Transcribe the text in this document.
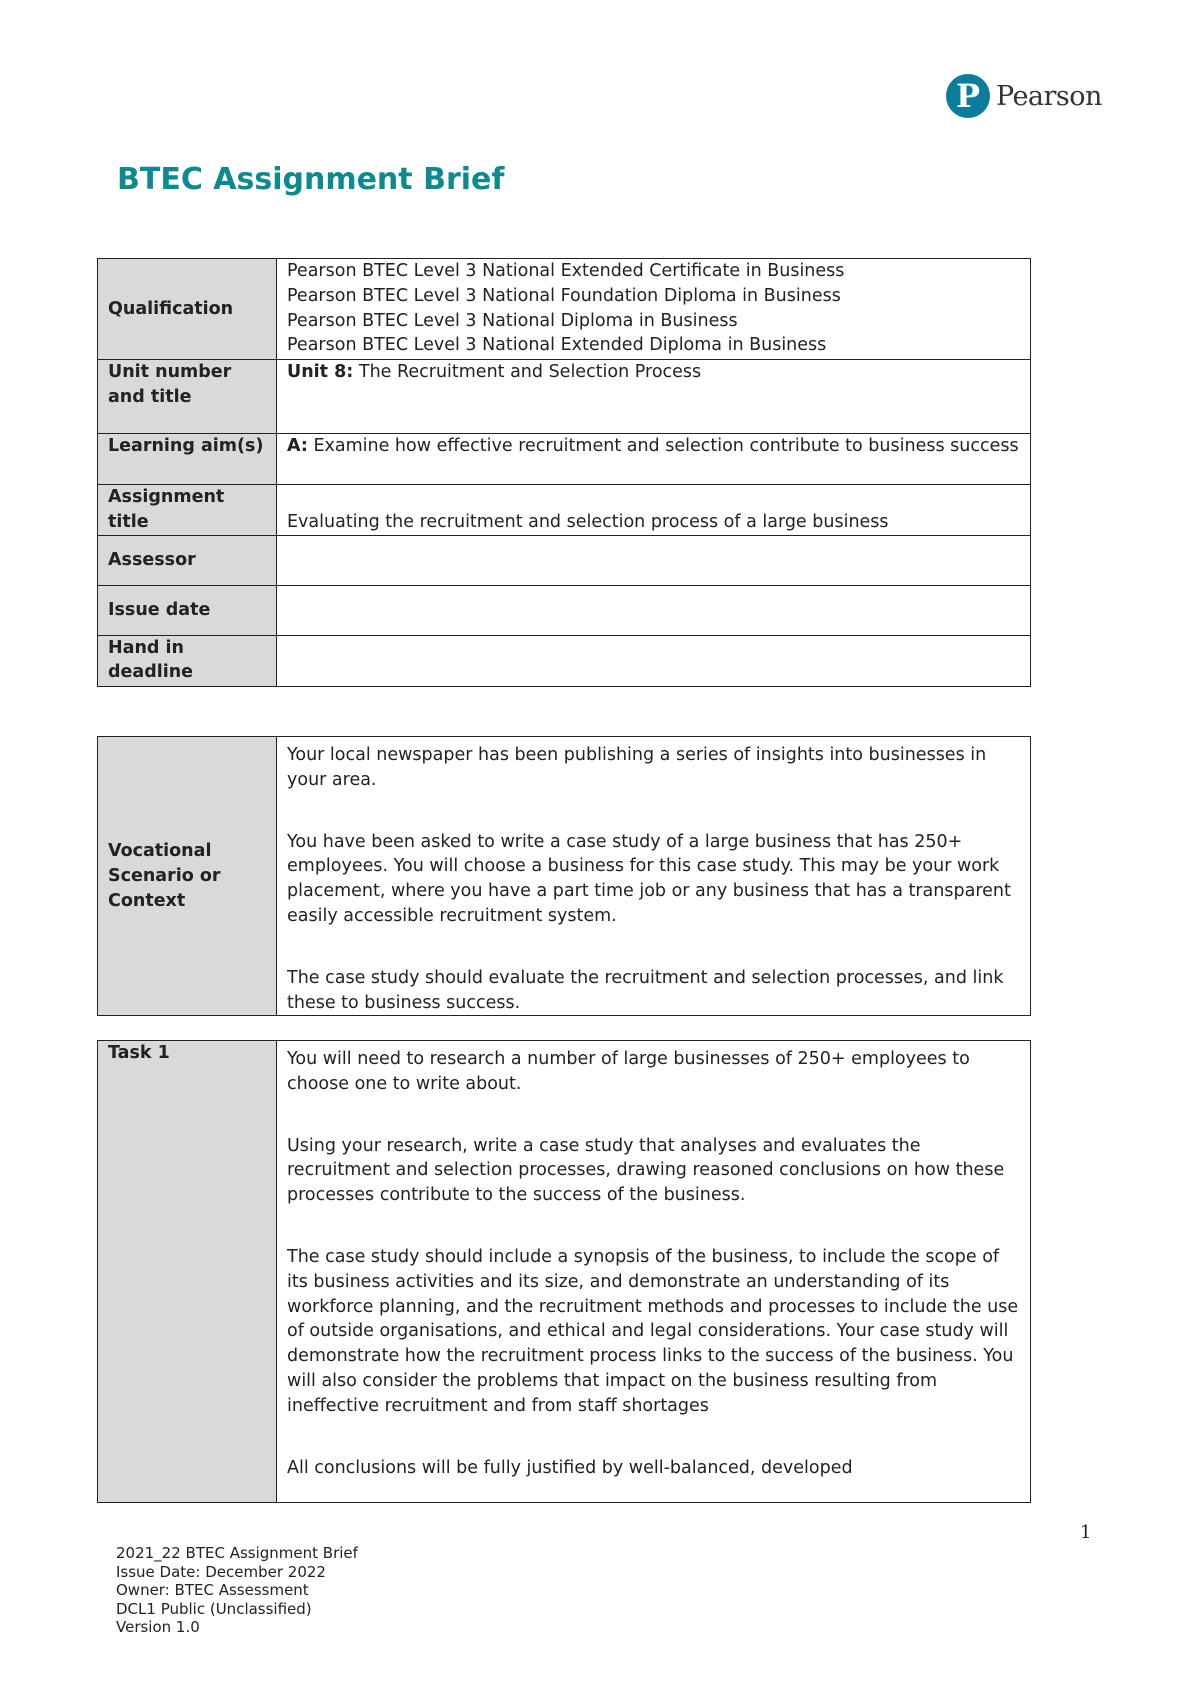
P Pearson
BTEC Assignment Brief
Qualification	Pearson BTEC Level 3 National Extended Certificate in Business
Pearson BTEC Level 3 National Foundation Diploma in Business
Pearson BTEC Level 3 National Diploma in Business
Pearson BTEC Level 3 National Extended Diploma in Business

Unit number and title	Unit 8: The Recruitment and Selection Process
Learning aim(s)	A: Examine how effective recruitment and selection contribute to business success
Assignment title	Evaluating the recruitment and selection process of a large business
Assessor	
Issue date	
Hand in deadline	
Vocational Scenario or Context	

Your local newspaper has been publishing a series of insights into businesses in your area.

You have been asked to write a case study of a large business that has 250+ employees. You will choose a business for this case study. This may be your work placement, where you have a part time job or any business that has a transparent easily accessible recruitment system.

The case study should evaluate the recruitment and selection processes, and link these to business success.

Task 1	You will need to research a number of large businesses of 250+ employees to choose one to write about.

Using your research, write a case study that analyses and evaluates the recruitment and selection processes, drawing reasoned conclusions on how these processes contribute to the success of the business.

The case study should include a synopsis of the business, to include the scope of its business activities and its size, and demonstrate an understanding of its workforce planning, and the recruitment methods and processes to include the use of outside organisations, and ethical and legal considerations. Your case study will demonstrate how the recruitment process links to the success of the business. You will also consider the problems that impact on the business resulting from ineffective recruitment and from staff shortages

All conclusions will be fully justified by well-balanced, developed

1
2021_22 BTEC Assignment Brief
Issue Date: December 2022
Owner: BTEC Assessment
DCL1 Public (Unclassified)
Version 1.0
